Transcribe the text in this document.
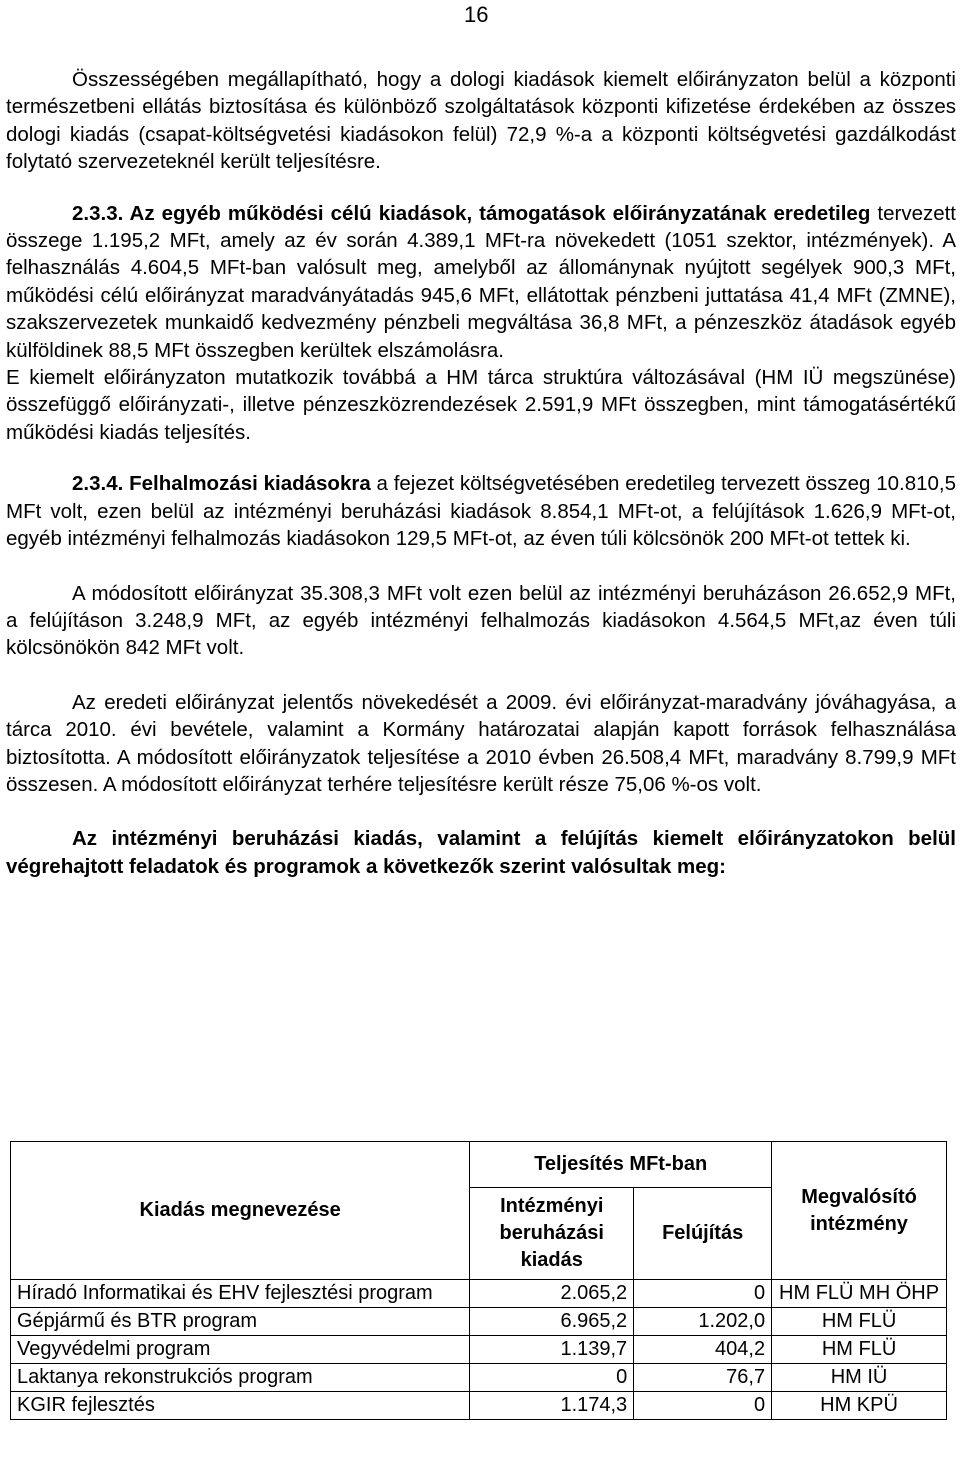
16

Összességében megállapítható, hogy a dologi kiadások kiemelt előirányzaton belül a központi természetbeni ellátás biztosítása és különböző szolgáltatások központi kifizetése érdekében az összes dologi kiadás (csapat-költségvetési kiadásokon felül) 72,9 %-a a központi költségvetési gazdálkodást folytató szervezeteknél került teljesítésre.

2.3.3. Az egyéb működési célú kiadások, támogatások előirányzatának eredetileg tervezett összege 1.195,2 MFt, amely az év során 4.389,1 MFt-ra növekedett (1051 szektor, intézmények). A felhasználás 4.604,5 MFt-ban valósult meg, amelyből az állománynak nyújtott segélyek 900,3 MFt, működési célú előirányzat maradványátadás 945,6 MFt, ellátottak pénzbeni juttatása 41,4 MFt (ZMNE), szakszervezetek munkaidő kedvezmény pénzbeli megváltása 36,8 MFt, a pénzeszköz átadások egyéb külföldinek 88,5 MFt összegben kerültek elszámolásra.

E kiemelt előirányzaton mutatkozik továbbá a HM tárca struktúra változásával (HM IÜ megszünése) összefüggő előirányzati-, illetve pénzeszközrendezések 2.591,9 MFt összegben, mint támogatásértékű működési kiadás teljesítés.

2.3.4. Felhalmozási kiadásokra a fejezet költségvetésében eredetileg tervezett összeg 10.810,5 MFt volt, ezen belül az intézményi beruházási kiadások 8.854,1 MFt-ot, a felújítások 1.626,9 MFt-ot, egyéb intézményi felhalmozás kiadásokon 129,5 MFt-ot, az éven túli kölcsönök 200 MFt-ot tettek ki.

A módosított előirányzat 35.308,3 MFt volt ezen belül az intézményi beruházáson 26.652,9 MFt, a felújításon 3.248,9 MFt, az egyéb intézményi felhalmozás kiadásokon 4.564,5 MFt,az éven túli kölcsönökön 842 MFt volt.

Az eredeti előirányzat jelentős növekedését a 2009. évi előirányzat-maradvány jóváhagyása, a tárca 2010. évi bevétele, valamint a Kormány határozatai alapján kapott források felhasználása biztosította. A módosított előirányzatok teljesítése a 2010 évben 26.508,4 MFt, maradvány 8.799,9 MFt összesen. A módosított előirányzat terhére teljesítésre került része 75,06 %-os volt.

Az intézményi beruházási kiadás, valamint a felújítás kiemelt előirányzatokon belül végrehajtott feladatok és programok a következők szerint valósultak meg:

Kiadás megnevezése	Teljesítés MFt-ban		Megvalósító intézmény
	Intézményi beruházási kiadás	Felújítás	
Híradó Informatikai és EHV fejlesztési program	2.065,2	0	HM FLÜ MH ÖHP
Gépjármű és BTR program	6.965,2	1.202,0	HM FLÜ
Vegyvédelmi program	1.139,7	404,2	HM FLÜ
Laktanya rekonstrukciós program	0	76,7	HM IÜ
KGIR fejlesztés	1.174,3	0	HM KPÜ
